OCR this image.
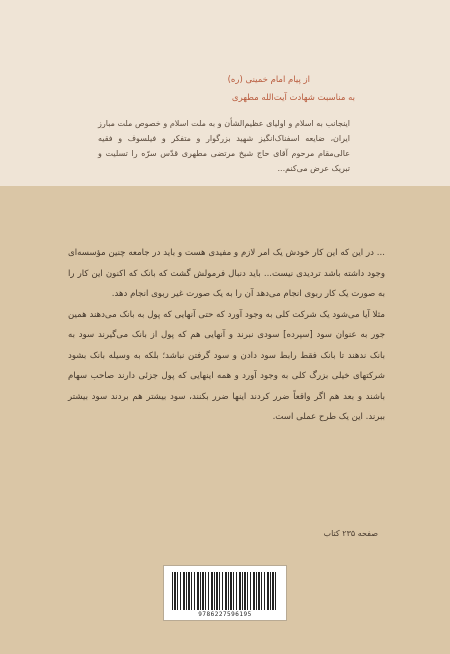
از پیام امام خمینی (ره)
به مناسبت شهادت آیت‌الله مطهری

اینجانب به اسلام و اولیای عظیم‌الشأن و به ملت اسلام و خصوص ملت مبارز ایران، ضایعه اسفناک‌انگیز شهید بزرگوار و متفکر و فیلسوف و فقیه عالی‌مقام مرحوم آقای حاج شیخ مرتضی مطهری قدّس سرّه را تسلیت و تبریک عرض می‌کنم...

... در این که این کار خودش یک امر لازم و مفیدی هست و باید در جامعه چنین مؤسسه‌ای وجود داشته باشد تردیدی نیست... باید دنبال فرمولش گشت که بانک که اکنون این کار را به صورت یک کار ربوی انجام می‌دهد آن را به یک صورت غیر ربوی انجام دهد.

مثلا آیا می‌شود یک شرکت کلی به وجود آورد که حتی آنهایی که پول به بانک می‌دهند همین جور به عنوان سود [سپرده] سودی نبرند و آنهایی هم که پول از بانک می‌گیرند سود به بانک ندهند تا بانک فقط رابط سود دادن و سود گرفتن نباشد؛ بلکه به وسیله بانک بشود شرکتهای خیلی بزرگ کلی به وجود آورد و همه اینهایی که پول جزئی دارند صاحب سهام باشند و بعد هم اگر واقعاً ضرر کردند اینها ضرر بکنند، سود بیشتر هم بردند سود بیشتر ببرند. این یک طرح عملی است.

صفحه ۲۳۵ کتاب
9786227596195
